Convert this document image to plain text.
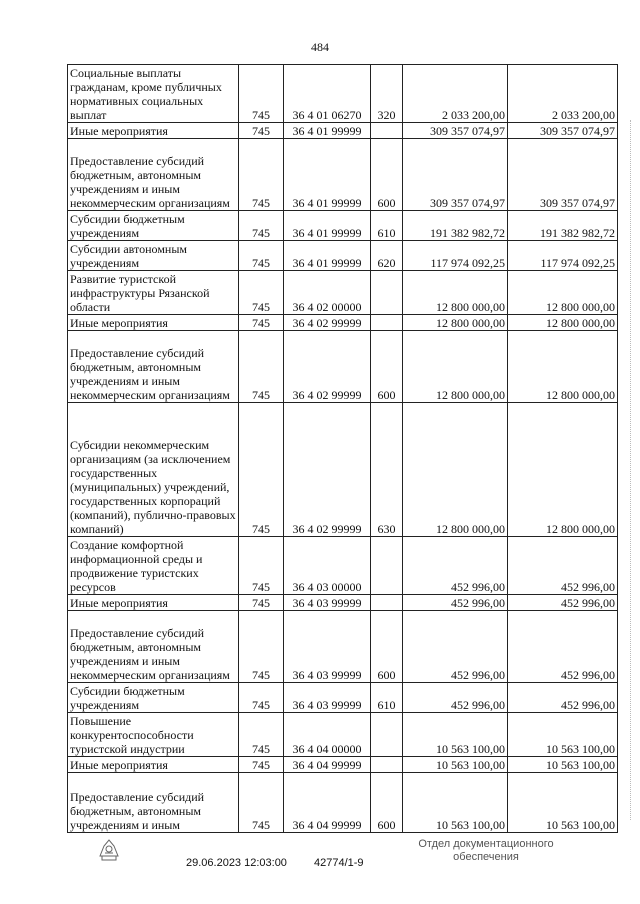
484
Социальные выплаты гражданам, кроме публичных нормативных социальных выплат	745	36 4 01 06270	320	2 033 200,00	2 033 200,00
Иные мероприятия	745	36 4 01 99999		309 357 074,97	309 357 074,97
Предоставление субсидий бюджетным, автономным учреждениям и иным некоммерческим организациям	745	36 4 01 99999	600	309 357 074,97	309 357 074,97
Субсидии бюджетным учреждениям	745	36 4 01 99999	610	191 382 982,72	191 382 982,72
Субсидии автономным учреждениям	745	36 4 01 99999	620	117 974 092,25	117 974 092,25
Развитие туристской инфраструктуры Рязанской области	745	36 4 02 00000		12 800 000,00	12 800 000,00
Иные мероприятия	745	36 4 02 99999		12 800 000,00	12 800 000,00
Предоставление субсидий бюджетным, автономным учреждениям и иным некоммерческим организациям	745	36 4 02 99999	600	12 800 000,00	12 800 000,00
Субсидии некоммерческим организациям (за исключением государственных (муниципальных) учреждений, государственных корпораций (компаний), публично-правовых компаний)	745	36 4 02 99999	630	12 800 000,00	12 800 000,00
Создание комфортной информационной среды и продвижение туристских ресурсов	745	36 4 03 00000		452 996,00	452 996,00
Иные мероприятия	745	36 4 03 99999		452 996,00	452 996,00
Предоставление субсидий бюджетным, автономным учреждениям и иным некоммерческим организациям	745	36 4 03 99999	600	452 996,00	452 996,00
Субсидии бюджетным учреждениям	745	36 4 03 99999	610	452 996,00	452 996,00
Повышение конкурентоспособности туристской индустрии	745	36 4 04 00000		10 563 100,00	10 563 100,00
Иные мероприятия	745	36 4 04 99999		10 563 100,00	10 563 100,00
Предоставление субсидий бюджетным, автономным учреждениям и иным	745	36 4 04 99999	600	10 563 100,00	10 563 100,00
29.06.2023 12:03:00 42774/1-9
Отдел документационного
обеспечения
